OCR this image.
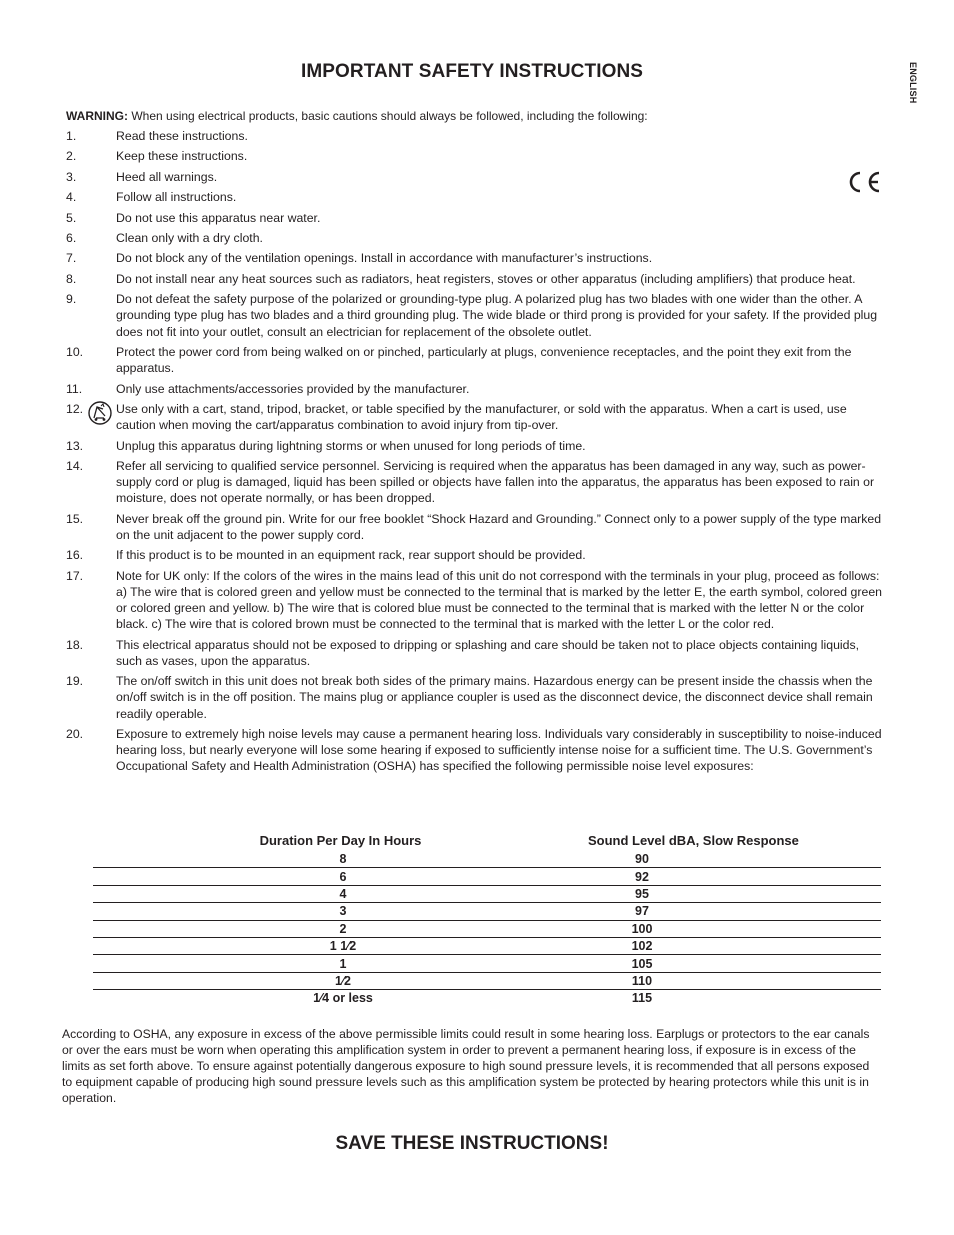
IMPORTANT SAFETY INSTRUCTIONS	ENGLISH
WARNING: When using electrical products, basic cautions should always be followed, including the following:
1.	Read these instructions.
2.	Keep these instructions.
3.	Heed all warnings.
4.	Follow all instructions.
5.	Do not use this apparatus near water.
6.	Clean only with a dry cloth.
7.	Do not block any of the ventilation openings. Install in accordance with manufacturer’s instructions.
8.	Do not install near any heat sources such as radiators, heat registers, stoves or other apparatus (including amplifiers) that produce heat.
9.	Do not defeat the safety purpose of the polarized or grounding-type plug. A polarized plug has two blades with one wider than the other. A grounding type plug has two blades and a third grounding plug. The wide blade or third prong is provided for your safety. If the provided plug does not fit into your outlet, consult an electrician for replacement of the obsolete outlet.
10.	Protect the power cord from being walked on or pinched, particularly at plugs, convenience receptacles, and the point they exit from the apparatus.
11.	Only use attachments/accessories provided by the manufacturer.
12.	Use only with a cart, stand, tripod, bracket, or table specified by the manufacturer, or sold with the apparatus. When a cart is used, use caution when moving the cart/apparatus combination to avoid injury from tip-over.
13.	Unplug this apparatus during lightning storms or when unused for long periods of time.
14.	Refer all servicing to qualified service personnel. Servicing is required when the apparatus has been damaged in any way, such as power-supply cord or plug is damaged, liquid has been spilled or objects have fallen into the apparatus, the apparatus has been exposed to rain or moisture, does not operate normally, or has been dropped.
15.	Never break off the ground pin. Write for our free booklet “Shock Hazard and Grounding.” Connect only to a power supply of the type marked on the unit adjacent to the power supply cord.
16.	If this product is to be mounted in an equipment rack, rear support should be provided.
17.	Note for UK only: If the colors of the wires in the mains lead of this unit do not correspond with the terminals in your plug, proceed as follows: a) The wire that is colored green and yellow must be connected to the terminal that is marked by the letter E, the earth symbol, colored green or colored green and yellow. b) The wire that is colored blue must be connected to the terminal that is marked with the letter N or the color black. c) The wire that is colored brown must be connected to the terminal that is marked with the letter L or the color red.
18.	This electrical apparatus should not be exposed to dripping or splashing and care should be taken not to place objects containing liquids, such as vases, upon the apparatus.
19.	The on/off switch in this unit does not break both sides of the primary mains. Hazardous energy can be present inside the chassis when the on/off switch is in the off position. The mains plug or appliance coupler is used as the disconnect device, the disconnect device shall remain readily operable.
20.	Exposure to extremely high noise levels may cause a permanent hearing loss. Individuals vary considerably in susceptibility to noise-induced hearing loss, but nearly everyone will lose some hearing if exposed to sufficiently intense noise for a sufficient time. The U.S. Government’s Occupational Safety and Health Administration (OSHA) has specified the following permissible noise level exposures:
Duration Per Day In Hours	Sound Level dBA, Slow Response
8	90
6	92
4	95
3	97
2	100
1 1⁄2	102
1	105
1⁄2	110
1⁄4 or less	115
According to OSHA, any exposure in excess of the above permissible limits could result in some hearing loss. Earplugs or protectors to the ear canals or over the ears must be worn when operating this amplification system in order to prevent a permanent hearing loss, if exposure is in excess of the limits as set forth above. To ensure against potentially dangerous exposure to high sound pressure levels, it is recommended that all persons exposed to equipment capable of producing high sound pressure levels such as this amplification system be protected by hearing protectors while this unit is in operation.
SAVE THESE INSTRUCTIONS!
